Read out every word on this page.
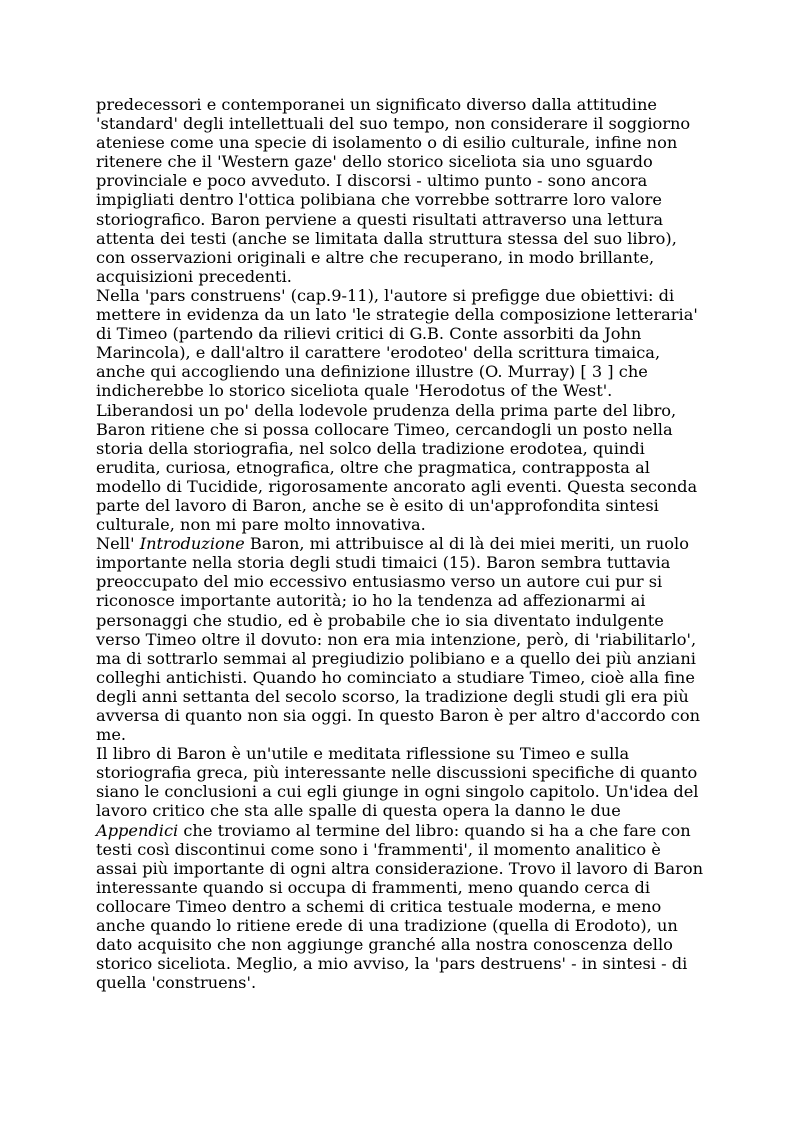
predecessori e contemporanei un significato diverso dalla attitudine
'standard' degli intellettuali del suo tempo, non considerare il soggiorno
ateniese come una specie di isolamento o di esilio culturale, infine non
ritenere che il 'Western gaze' dello storico siceliota sia uno sguardo
provinciale e poco avveduto. I discorsi - ultimo punto - sono ancora
impigliati dentro l'ottica polibiana che vorrebbe sottrarre loro valore
storiografico. Baron perviene a questi risultati attraverso una lettura
attenta dei testi (anche se limitata dalla struttura stessa del suo libro),
con osservazioni originali e altre che recuperano, in modo brillante,
acquisizioni precedenti.

Nella 'pars construens' (cap.9-11), l'autore si prefigge due obiettivi: di
mettere in evidenza da un lato 'le strategie della composizione letteraria'
di Timeo (partendo da rilievi critici di G.B. Conte assorbiti da John
Marincola), e dall'altro il carattere 'erodoteo' della scrittura timaica,
anche qui accogliendo una definizione illustre (O. Murray) [ 3 ] che
indicherebbe lo storico siceliota quale 'Herodotus of the West'.
Liberandosi un po' della lodevole prudenza della prima parte del libro,
Baron ritiene che si possa collocare Timeo, cercandogli un posto nella
storia della storiografia, nel solco della tradizione erodotea, quindi
erudita, curiosa, etnografica, oltre che pragmatica, contrapposta al
modello di Tucidide, rigorosamente ancorato agli eventi. Questa seconda
parte del lavoro di Baron, anche se è esito di un'approfondita sintesi
culturale, non mi pare molto innovativa.

Nell' Introduzione Baron, mi attribuisce al di là dei miei meriti, un ruolo
importante nella storia degli studi timaici (15). Baron sembra tuttavia
preoccupato del mio eccessivo entusiasmo verso un autore cui pur si
riconosce importante autorità; io ho la tendenza ad affezionarmi ai
personaggi che studio, ed è probabile che io sia diventato indulgente
verso Timeo oltre il dovuto: non era mia intenzione, però, di 'riabilitarlo',
ma di sottrarlo semmai al pregiudizio polibiano e a quello dei più anziani
colleghi antichisti. Quando ho cominciato a studiare Timeo, cioè alla fine
degli anni settanta del secolo scorso, la tradizione degli studi gli era più
avversa di quanto non sia oggi. In questo Baron è per altro d'accordo con
me.

Il libro di Baron è un'utile e meditata riflessione su Timeo e sulla
storiografia greca, più interessante nelle discussioni specifiche di quanto
siano le conclusioni a cui egli giunge in ogni singolo capitolo. Un'idea del
lavoro critico che sta alle spalle di questa opera la danno le due
Appendici che troviamo al termine del libro: quando si ha a che fare con
testi così discontinui come sono i 'frammenti', il momento analitico è
assai più importante di ogni altra considerazione. Trovo il lavoro di Baron
interessante quando si occupa di frammenti, meno quando cerca di
collocare Timeo dentro a schemi di critica testuale moderna, e meno
anche quando lo ritiene erede di una tradizione (quella di Erodoto), un
dato acquisito che non aggiunge granché alla nostra conoscenza dello
storico siceliota. Meglio, a mio avviso, la 'pars destruens' - in sintesi - di
quella 'construens'.
